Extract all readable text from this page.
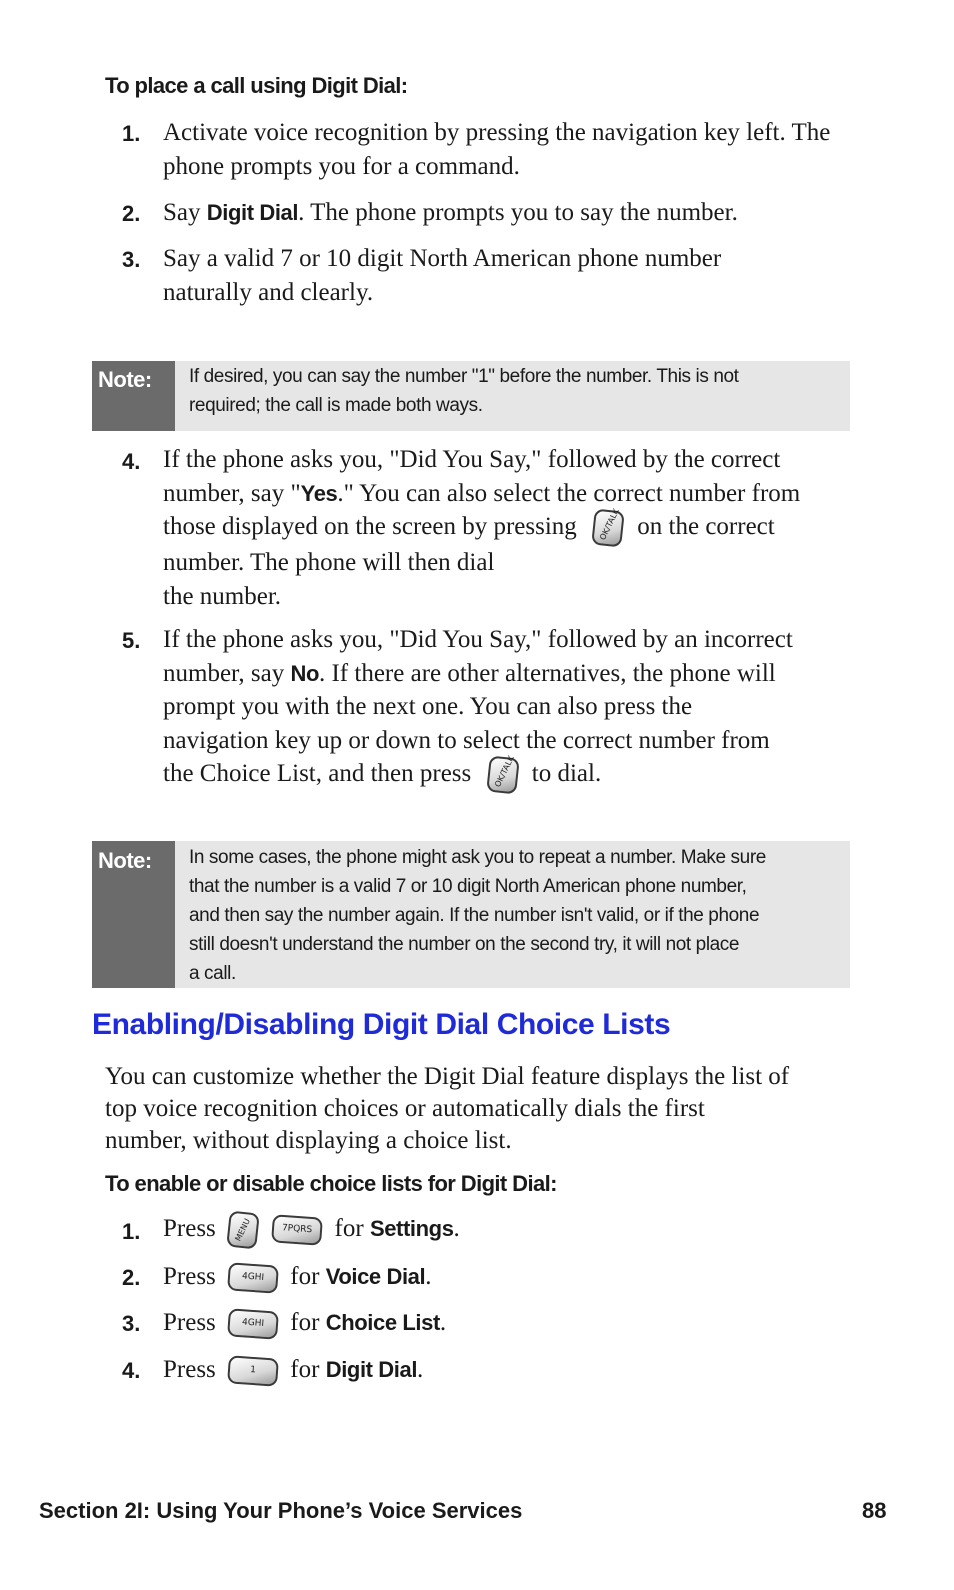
To place a call using Digit Dial:
1. Activate voice recognition by pressing the navigation key left. The phone prompts you for a command.
2. Say Digit Dial. The phone prompts you to say the number.
3. Say a valid 7 or 10 digit North American phone number naturally and clearly.
Note:	If desired, you can say the number "1" before the number. This is not
required; the call is made both ways.
4. If the phone asks you, "Did You Say," followed by the correct
number, say "Yes." You can also select the correct number from
those displayed on the screen by pressing	OK/TALK on the correct
number. The phone will then dial
the number.
5. If the phone asks you, "Did You Say," followed by an incorrect
number, say No. If there are other alternatives, the phone will
prompt you with the next one. You can also press the
navigation key up or down to select the correct number from
the Choice List, and then press	OK/TALK to dial.
Note:	In some cases, the phone might ask you to repeat a number. Make sure
that the number is a valid 7 or 10 digit North American phone number,
and then say the number again. If the number isn't valid, or if the phone
still doesn't understand the number on the second try, it will not place
a call.
Enabling/Disabling Digit Dial Choice Lists
You can customize whether the Digit Dial feature displays the list of
top voice recognition choices or automatically dials the first
number, without displaying a choice list.
To enable or disable choice lists for Digit Dial:
1. Press	MENU
	7PQRS for Settings.
2. Press	4GHI	for Voice Dial.
3. Press	4GHI	for Choice List.
4. Press	1	for Digit Dial.
Section 2I: Using Your Phone’s Voice Services	88
